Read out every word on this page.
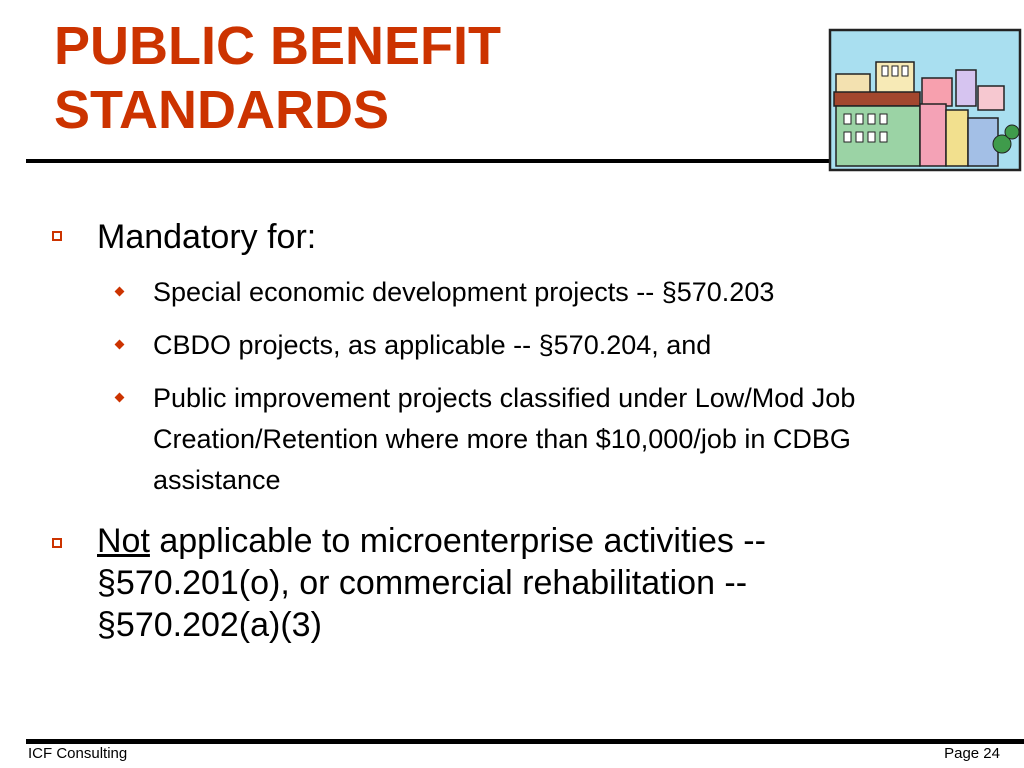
PUBLIC BENEFIT
STANDARDS
Mandatory for:
Special economic development projects -- §570.203
CBDO projects, as applicable -- §570.204, and
Public improvement projects classified under Low/Mod Job Creation/Retention where more than $10,000/job in CDBG assistance
Not applicable to microenterprise activities -- §570.201(o), or commercial rehabilitation -- §570.202(a)(3)
ICF Consulting	Page 24
